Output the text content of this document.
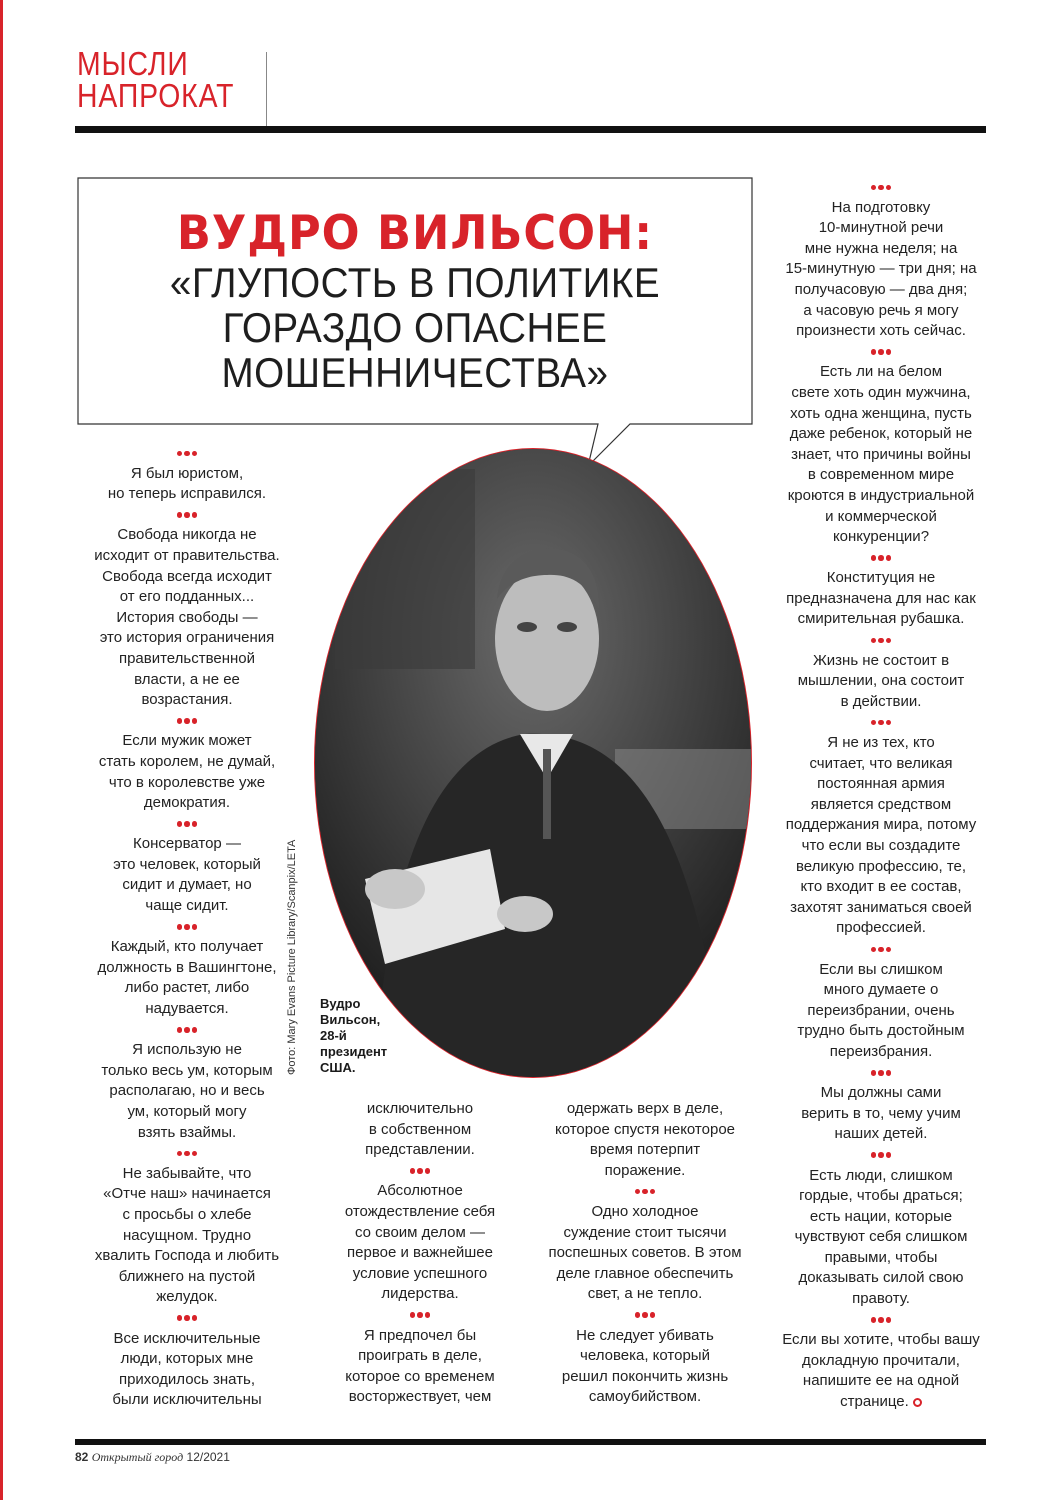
МЫСЛИ
НАПРОКАТ
ВУДРО ВИЛЬСОН:
«ГЛУПОСТЬ В ПОЛИТИКЕ
ГОРАЗДО ОПАСНЕЕ
МОШЕННИЧЕСТВА»
Фото: Mary Evans Picture Library/Scanpix/LETA Вудро
Вильсон,
28-й
президент
США.

Я был юристом,
но теперь исправился.

Свобода никогда не
исходит от правительства.
Свобода всегда исходит
от его подданных...
История свободы —
это история ограничения
правительственной
власти, а не ее
возрастания.

Если мужик может
стать королем, не думай,
что в королевстве уже
демократия.

Консерватор —
это человек, который
сидит и думает, но
чаще сидит.

Каждый, кто получает
должность в Вашингтоне,
либо растет, либо
надувается.

Я использую не
только весь ум, которым
располагаю, но и весь
ум, который могу
взять взаймы.

Не забывайте, что
«Отче наш» начинается
с просьбы о хлебе
насущном. Трудно
хвалить Господа и любить
ближнего на пустой
желудок.

Все исключительные
люди, которых мне
приходилось знать,
были исключительны

исключительно
в собственном
представлении.

Абсолютное
отождествление себя
со своим делом —
первое и важнейшее
условие успешного
лидерства.

Я предпочел бы
проиграть в деле,
которое со временем
восторжествует, чем

одержать верх в деле,
которое спустя некоторое
время потерпит
поражение.

Одно холодное
суждение стоит тысячи
поспешных советов. В этом
деле главное обеспечить
свет, а не тепло.

Не следует убивать
человека, который
решил покончить жизнь
самоубийством.

На подготовку
10-минутной речи
мне нужна неделя; на
15-минутную — три дня; на
получасовую — два дня;
а часовую речь я могу
произнести хоть сейчас.

Есть ли на белом
свете хоть один мужчина,
хоть одна женщина, пусть
даже ребенок, который не
знает, что причины войны
в современном мире
кроются в индустриальной
и коммерческой
конкуренции?

Конституция не
предназначена для нас как
смирительная рубашка.

Жизнь не состоит в
мышлении, она состоит
в действии.

Я не из тех, кто
считает, что великая
постоянная армия
является средством
поддержания мира, потому
что если вы создадите
великую профессию, те,
кто входит в ее состав,
захотят заниматься своей
профессией.

Если вы слишком
много думаете о
переизбрании, очень
трудно быть достойным
переизбрания.

Мы должны сами
верить в то, чему учим
наших детей.

Есть люди, слишком
гордые, чтобы драться;
есть нации, которые
чувствуют себя слишком
правыми, чтобы
доказывать силой свою
правоту.

Если вы хотите, чтобы вашу
докладную прочитали,
напишите ее на одной
странице.

82 Открытый город 12/2021
